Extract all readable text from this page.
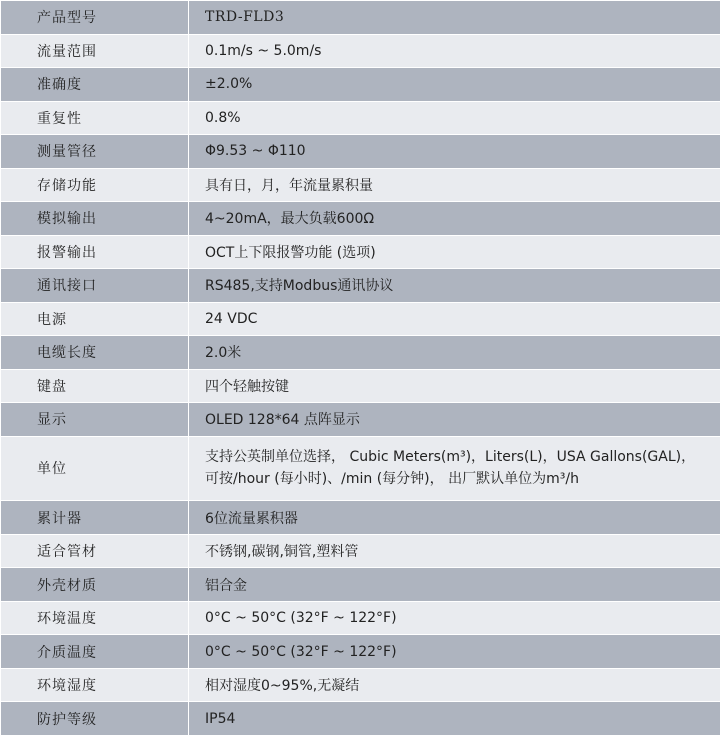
产品型号	TRD-FLD3
流量范围	0.1m/s ~ 5.0m/s
准确度	±2.0%
重复性	0.8%
测量管径	Φ9.53 ~ Φ110
存储功能	具有日，月，年流量累积量
模拟输出	4~20mA，最大负载600Ω
报警输出	OCT上下限报警功能 (选项)
通讯接口	RS485,支持Modbus通讯协议
电源	24 VDC
电缆长度	2.0米
键盘	四个轻触按键
显示	OLED 128*64 点阵显示
单位	支持公英制单位选择， Cubic Meters(m³)，Liters(L)，USA Gallons(GAL)，
可按/hour (每小时)、/min (每分钟)， 出厂默认单位为m³/h

累计器	6位流量累积器
适合管材	不锈钢,碳钢,铜管,塑料管
外壳材质	铝合金
环境温度	0°C ~ 50°C (32°F ~ 122°F)
介质温度	0°C ~ 50°C (32°F ~ 122°F)
环境湿度	相对湿度0~95%,无凝结
防护等级	IP54
